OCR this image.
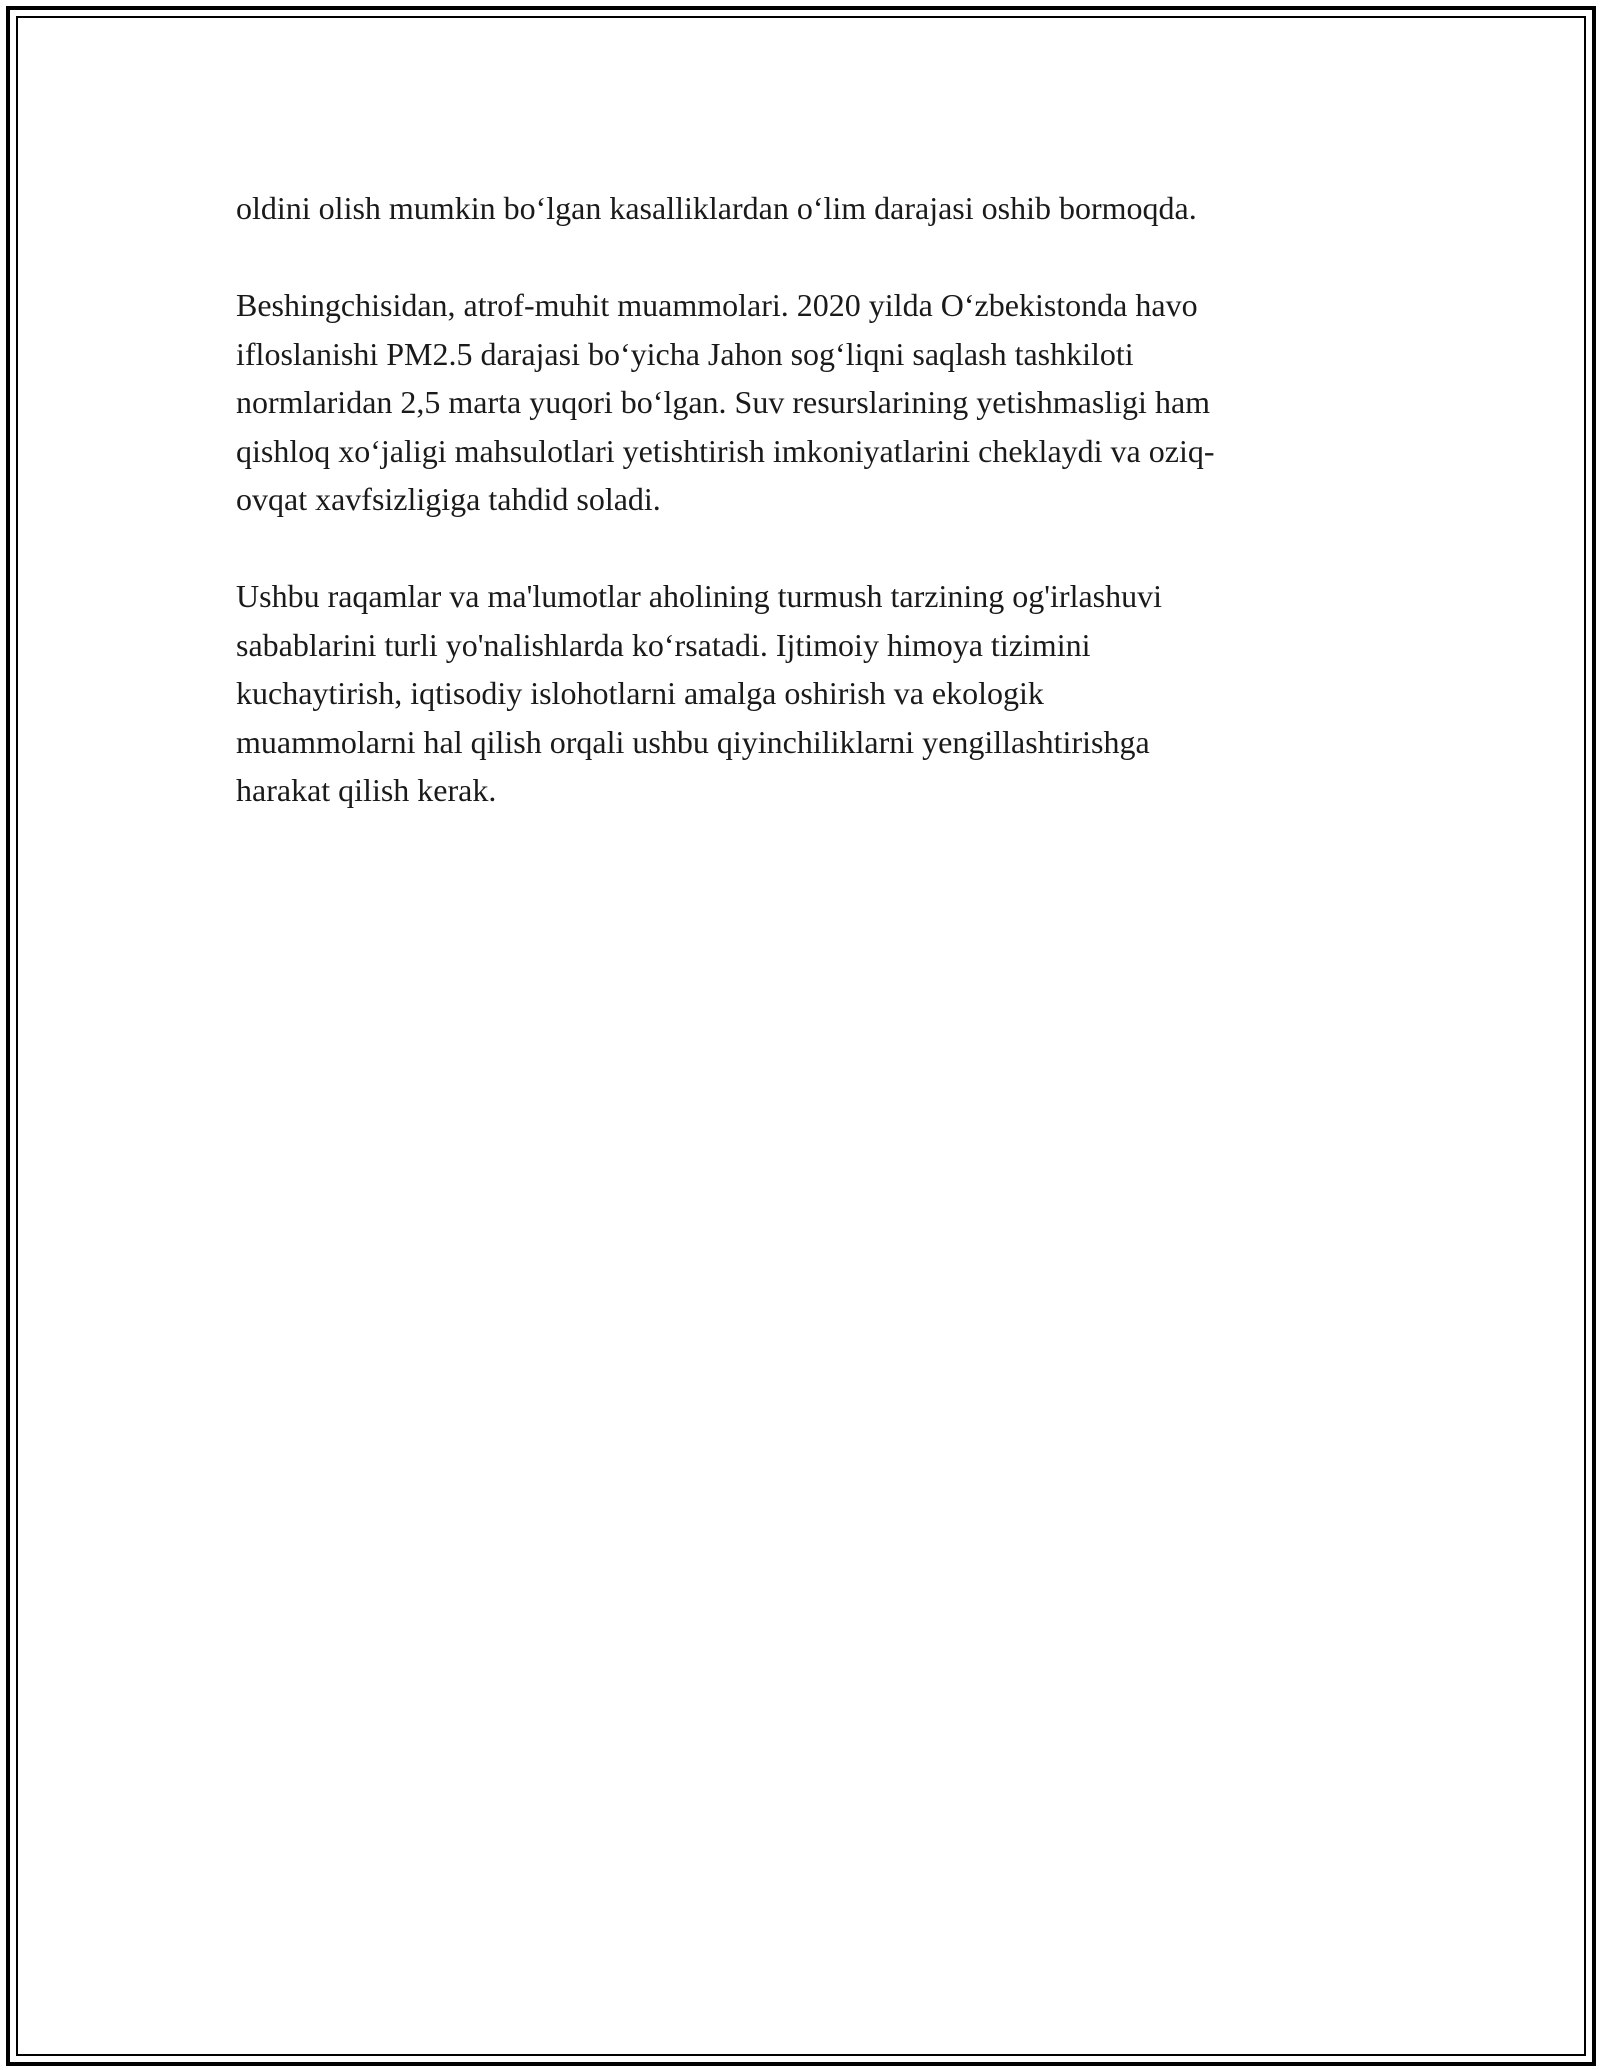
oldini olish mumkin bo‘lgan kasalliklardan o‘lim darajasi oshib bormoqda.

Beshingchisidan, atrof-muhit muammolari. 2020 yilda O‘zbekistonda havo
ifloslanishi PM2.5 darajasi bo‘yicha Jahon sog‘liqni saqlash tashkiloti
normlaridan 2,5 marta yuqori bo‘lgan. Suv resurslarining yetishmasligi ham
qishloq xo‘jaligi mahsulotlari yetishtirish imkoniyatlarini cheklaydi va oziq-
ovqat xavfsizligiga tahdid soladi.

Ushbu raqamlar va ma'lumotlar aholining turmush tarzining og'irlashuvi
sabablarini turli yo'nalishlarda ko‘rsatadi. Ijtimoiy himoya tizimini
kuchaytirish, iqtisodiy islohotlarni amalga oshirish va ekologik
muammolarni hal qilish orqali ushbu qiyinchiliklarni yengillashtirishga
harakat qilish kerak.
